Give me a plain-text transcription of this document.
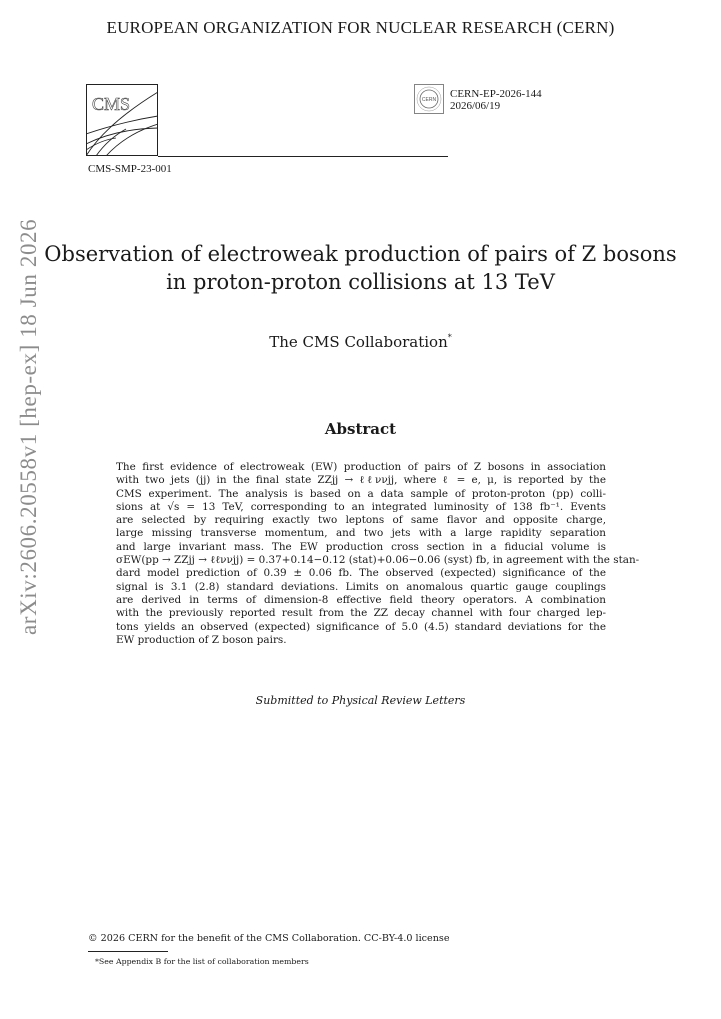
EUROPEAN ORGANIZATION FOR NUCLEAR RESEARCH (CERN)
CMS
CMS-SMP-23-001
CERN CERN-EP-2026-144
2026/06/19
arXiv:2606.20558v1 [hep-ex] 18 Jun 2026 Observation of electroweak production of pairs of Z bosons
in proton-proton collisions at 13 TeV
The CMS Collaboration*
Abstract
The first evidence of electroweak (EW) production of pairs of Z bosons in association
with two jets (jj) in the final state ZZjj → ℓℓννjj, where ℓ = e, μ, is reported by the
CMS experiment. The analysis is based on a data sample of proton-proton (pp) colli-
sions at √s = 13 TeV, corresponding to an integrated luminosity of 138 fb⁻¹. Events
are selected by requiring exactly two leptons of same flavor and opposite charge,
large missing transverse momentum, and two jets with a large rapidity separation
and large invariant mass. The EW production cross section in a fiducial volume is
σEW(pp → ZZjj → ℓℓννjj) = 0.37+0.14−0.12 (stat)+0.06−0.06 (syst) fb, in agreement with the stan-
dard model prediction of 0.39 ± 0.06 fb. The observed (expected) significance of the
signal is 3.1 (2.8) standard deviations. Limits on anomalous quartic gauge couplings
are derived in terms of dimension-8 effective field theory operators. A combination
with the previously reported result from the ZZ decay channel with four charged lep-
tons yields an observed (expected) significance of 5.0 (4.5) standard deviations for the
EW production of Z boson pairs.
Submitted to Physical Review Letters
© 2026 CERN for the benefit of the CMS Collaboration. CC-BY-4.0 license
*See Appendix B for the list of collaboration members
